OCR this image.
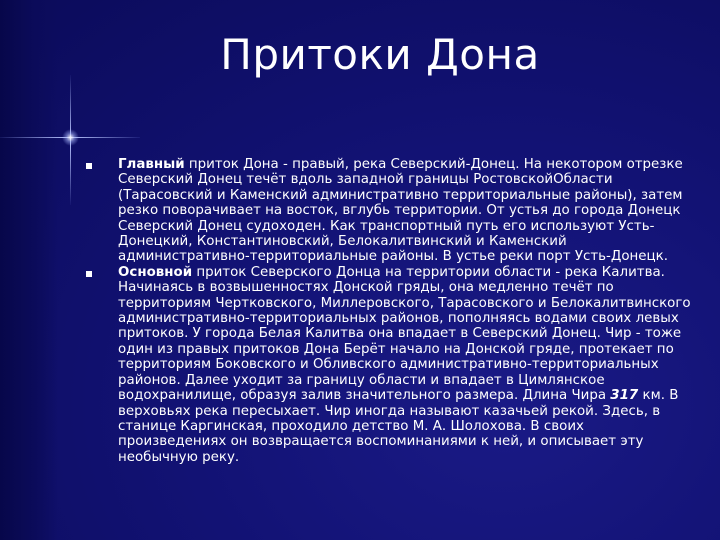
Притоки Дона
Главный приток Дона - правый, река Северский-Донец. На некотором отрезке Северский Донец течёт вдоль западной границы РостовскойОбласти (Тарасовский и Каменский административно территориальные районы), затем резко поворачивает на восток, вглубь территории. От устья до города Донецк Северский Донец судоходен. Как транспортный путь его используют Усть-Донецкий, Константиновский, Белокалитвинский и Каменский административно-территориальные районы. В устье реки порт Усть-Донецк.
Основной приток Северского Донца на территории области - река Калитва. Начинаясь в возвышенностях Донской гряды, она медленно течёт по территориям Чертковского, Миллеровского, Тарасовского и Белокалитвинского административно-территориальных районов, пополняясь водами своих левых притоков. У города Белая Калитва она впадает в Северский Донец. Чир - тоже один из правых притоков Дона Берёт начало на Донской гряде, протекает по территориям Боковского и Обливского административно-территориальных районов. Далее уходит за границу области и впадает в Цимлянское водохранилище, образуя залив значительного размера. Длина Чира 317 км. В верховьях река пересыхает. Чир иногда называют казачьей рекой. Здесь, в станице Каргинская, проходило детство М. А. Шолохова. В своих произведениях он возвращается воспоминаниями к ней, и описывает эту необычную реку.
